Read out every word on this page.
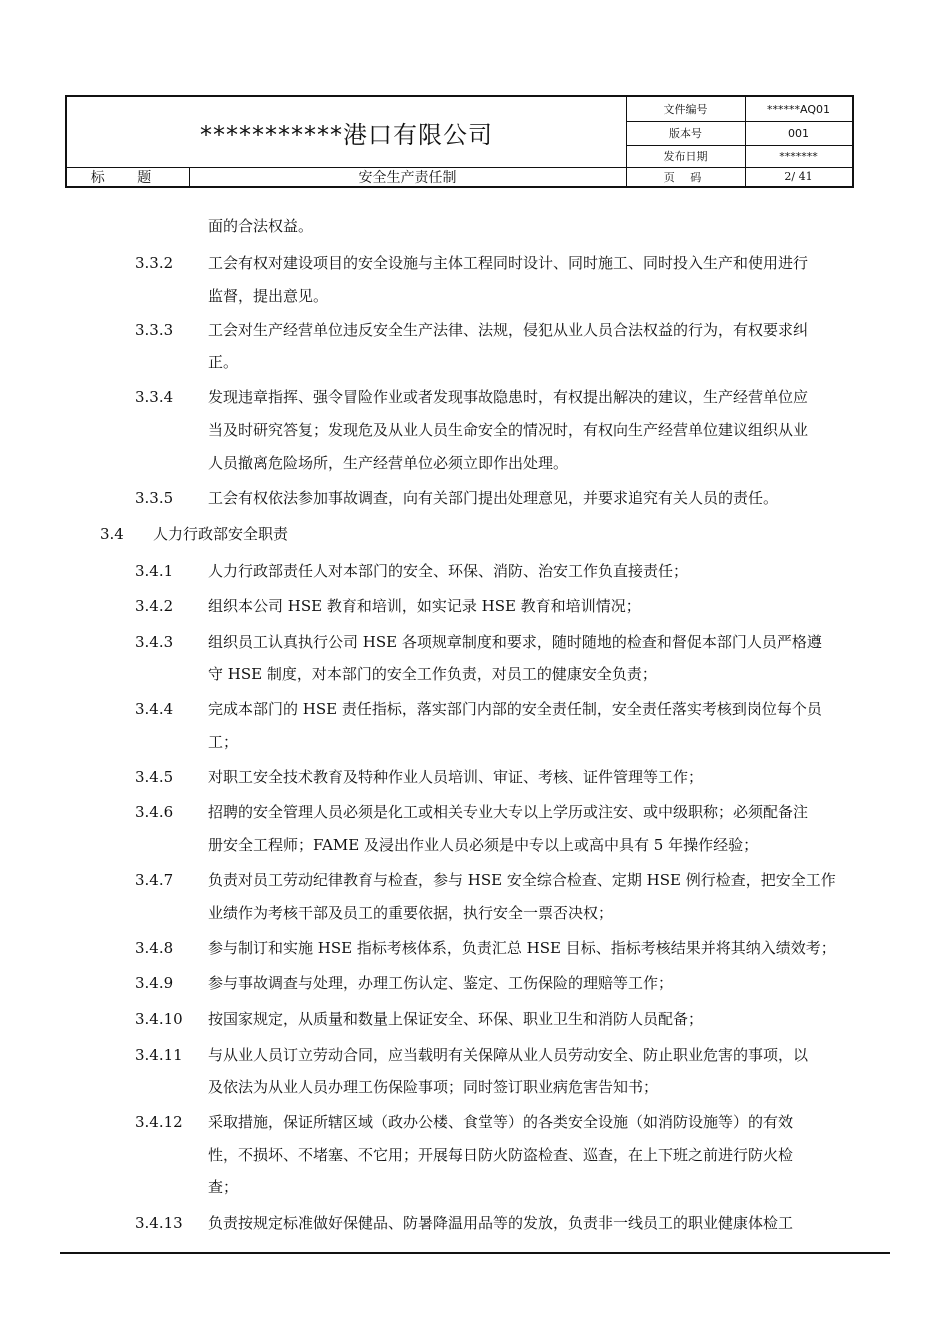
***********港口有限公司
文件编号	******AQ01
版本号	001
发布日期	*******
标 题	安全生产责任制	页 码	2/ 41
面的合法权益。
3.3.2 工会有权对建设项目的安全设施与主体工程同时设计、同时施工、同时投入生产和使用进行
监督，提出意见。
3.3.3 工会对生产经营单位违反安全生产法律、法规，侵犯从业人员合法权益的行为，有权要求纠
正。
3.3.4 发现违章指挥、强令冒险作业或者发现事故隐患时，有权提出解决的建议，生产经营单位应
当及时研究答复；发现危及从业人员生命安全的情况时，有权向生产经营单位建议组织从业
人员撤离危险场所，生产经营单位必须立即作出处理。
3.3.5 工会有权依法参加事故调查，向有关部门提出处理意见，并要求追究有关人员的责任。
3.4 人力行政部安全职责
3.4.1 人力行政部责任人对本部门的安全、环保、消防、治安工作负直接责任；
3.4.2 组织本公司 HSE 教育和培训，如实记录 HSE 教育和培训情况；
3.4.3 组织员工认真执行公司 HSE 各项规章制度和要求，随时随地的检查和督促本部门人员严格遵
守 HSE 制度，对本部门的安全工作负责，对员工的健康安全负责；
3.4.4 完成本部门的 HSE 责任指标，落实部门内部的安全责任制，安全责任落实考核到岗位每个员
工；
3.4.5 对职工安全技术教育及特种作业人员培训、审证、考核、证件管理等工作；
3.4.6 招聘的安全管理人员必须是化工或相关专业大专以上学历或注安、或中级职称；必须配备注
册安全工程师；FAME 及浸出作业人员必须是中专以上或高中具有 5 年操作经验；
3.4.7 负责对员工劳动纪律教育与检查，参与 HSE 安全综合检查、定期 HSE 例行检查，把安全工作
业绩作为考核干部及员工的重要依据，执行安全一票否决权；
3.4.8 参与制订和实施 HSE 指标考核体系，负责汇总 HSE 目标、指标考核结果并将其纳入绩效考；
3.4.9 参与事故调查与处理，办理工伤认定、鉴定、工伤保险的理赔等工作；
3.4.10 按国家规定，从质量和数量上保证安全、环保、职业卫生和消防人员配备；
3.4.11 与从业人员订立劳动合同，应当载明有关保障从业人员劳动安全、防止职业危害的事项，以
及依法为从业人员办理工伤保险事项；同时签订职业病危害告知书；
3.4.12 采取措施，保证所辖区域（政办公楼、食堂等）的各类安全设施（如消防设施等）的有效
性，不损坏、不堵塞、不它用；开展每日防火防盗检查、巡查，在上下班之前进行防火检
查；
3.4.13 负责按规定标准做好保健品、防暑降温用品等的发放，负责非一线员工的职业健康体检工
